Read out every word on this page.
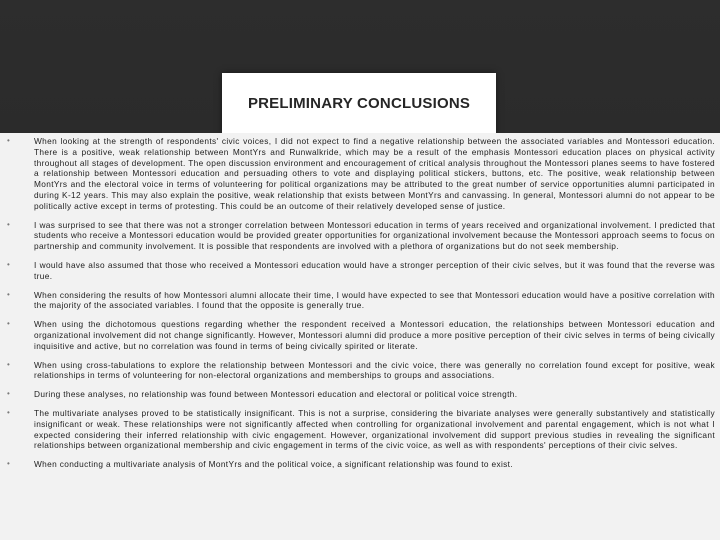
PRELIMINARY CONCLUSIONS
•	When looking at the strength of respondents' civic voices, I did not expect to find a negative relationship between the associated variables and Montessori education. There is a positive, weak relationship between MontYrs and Runwalkride, which may be a result of the emphasis Montessori education places on physical activity throughout all stages of development. The open discussion environment and encouragement of critical analysis throughout the Montessori planes seems to have fostered a relationship between Montessori education and persuading others to vote and displaying political stickers, buttons, etc. The positive, weak relationship between MontYrs and the electoral voice in terms of volunteering for political organizations may be attributed to the great number of service opportunities alumni participated in during K-12 years. This may also explain the positive, weak relationship that exists between MontYrs and canvassing. In general, Montessori alumni do not appear to be politically active except in terms of protesting. This could be an outcome of their relatively developed sense of justice.
•	I was surprised to see that there was not a stronger correlation between Montessori education in terms of years received and organizational involvement. I predicted that students who receive a Montessori education would be provided greater opportunities for organizational involvement because the Montessori approach seems to focus on partnership and community involvement. It is possible that respondents are involved with a plethora of organizations but do not seek membership.
•	I would have also assumed that those who received a Montessori education would have a stronger perception of their civic selves, but it was found that the reverse was true.
•	When considering the results of how Montessori alumni allocate their time, I would have expected to see that Montessori education would have a positive correlation with the majority of the associated variables. I found that the opposite is generally true.
•	When using the dichotomous questions regarding whether the respondent received a Montessori education, the relationships between Montessori education and organizational involvement did not change significantly. However, Montessori alumni did produce a more positive perception of their civic selves in terms of being civically inquisitive and active, but no correlation was found in terms of being civically spirited or literate.
•	When using cross-tabulations to explore the relationship between Montessori and the civic voice, there was generally no correlation found except for positive, weak relationships in terms of volunteering for non-electoral organizations and memberships to groups and associations.
•	During these analyses, no relationship was found between Montessori education and electoral or political voice strength.
•	The multivariate analyses proved to be statistically insignificant. This is not a surprise, considering the bivariate analyses were generally substantively and statistically insignificant or weak. These relationships were not significantly affected when controlling for organizational involvement and parental engagement, which is not what I expected considering their inferred relationship with civic engagement. However, organizational involvement did support previous studies in revealing the significant relationships between organizational membership and civic engagement in terms of the civic voice, as well as with respondents' perceptions of their civic selves.
•	When conducting a multivariate analysis of MontYrs and the political voice, a significant relationship was found to exist.
